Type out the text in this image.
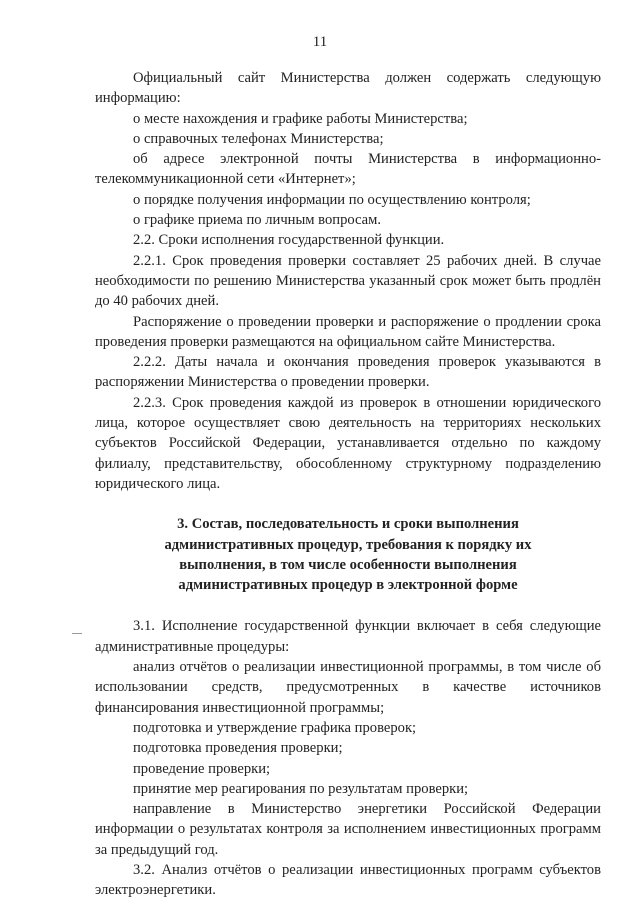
11

Официальный сайт Министерства должен содержать следующую информацию:

о месте нахождения и графике работы Министерства;

о справочных телефонах Министерства;

об адресе электронной почты Министерства в информационно-телекоммуникационной сети «Интернет»;

о порядке получения информации по осуществлению контроля;

о графике приема по личным вопросам.

2.2. Сроки исполнения государственной функции.

2.2.1. Срок проведения проверки составляет 25 рабочих дней. В случае необходимости по решению Министерства указанный срок может быть продлён до 40 рабочих дней.

Распоряжение о проведении проверки и распоряжение о продлении срока проведения проверки размещаются на официальном сайте Министерства.

2.2.2. Даты начала и окончания проведения проверок указываются в распоряжении Министерства о проведении проверки.

2.2.3. Срок проведения каждой из проверок в отношении юридического лица, которое осуществляет свою деятельность на территориях нескольких субъектов Российской Федерации, устанавливается отдельно по каждому филиалу, представительству, обособленному структурному подразделению юридического лица.

3. Состав, последовательность и сроки выполнения
административных процедур, требования к порядку их
выполнения, в том числе особенности выполнения
административных процедур в электронной форме

3.1. Исполнение государственной функции включает в себя следующие административные процедуры:

анализ отчётов о реализации инвестиционной программы, в том числе об использовании средств, предусмотренных в качестве источников финансирования инвестиционной программы;

подготовка и утверждение графика проверок;

подготовка проведения проверки;

проведение проверки;

принятие мер реагирования по результатам проверки;

направление в Министерство энергетики Российской Федерации информации о результатах контроля за исполнением инвестиционных программ за предыдущий год.

3.2. Анализ отчётов о реализации инвестиционных программ субъектов электроэнергетики.
